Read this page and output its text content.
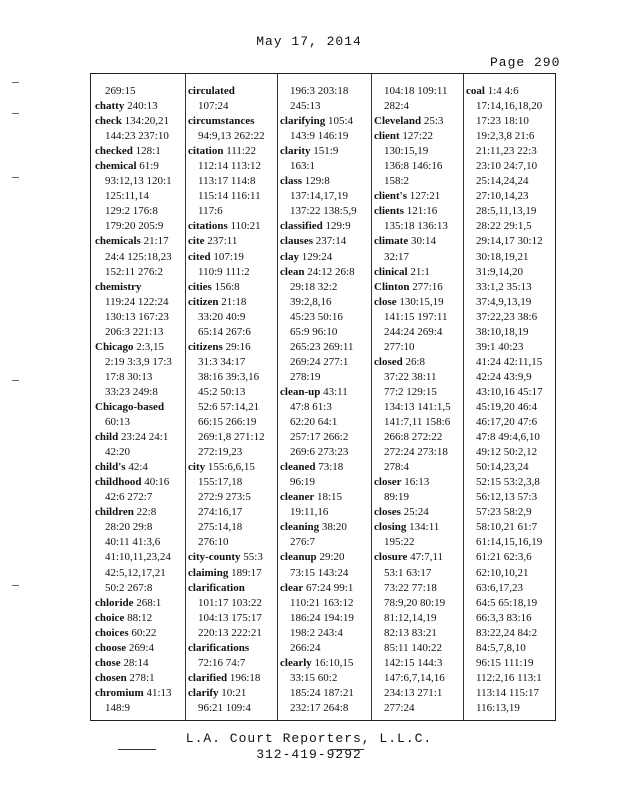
May 17, 2014
Page 290
269:15
chatty 240:13
check 134:20,21
144:23 237:10
checked 128:1
chemical 61:9
93:12,13 120:1
125:11,14
129:2 176:8
179:20 205:9
chemicals 21:17
24:4 125:18,23
152:11 276:2
chemistry
119:24 122:24
130:13 167:23
206:3 221:13
Chicago 2:3,15
2:19 3:3,9 17:3
17:8 30:13
33:23 249:8
Chicago-based
60:13
child 23:24 24:1
42:20
child's 42:4
childhood 40:16
42:6 272:7
children 22:8
28:20 29:8
40:11 41:3,6
41:10,11,23,24
42:5,12,17,21
50:2 267:8
chloride 268:1
choice 88:12
choices 60:22
choose 269:4
chose 28:14
chosen 278:1
chromium 41:13
148:9
circulated
107:24
circumstances
94:9,13 262:22
citation 111:22
112:14 113:12
113:17 114:8
115:14 116:11
117:6
citations 110:21
cite 237:11
cited 107:19
110:9 111:2
cities 156:8
citizen 21:18
33:20 40:9
65:14 267:6
citizens 29:16
31:3 34:17
38:16 39:3,16
45:2 50:13
52:6 57:14,21
66:15 266:19
269:1,8 271:12
272:19,23
city 155:6,6,15
155:17,18
272:9 273:5
274:16,17
275:14,18
276:10
city-county 55:3
claiming 189:17
clarification
101:17 103:22
104:13 175:17
220:13 222:21
clarifications
72:16 74:7
clarified 196:18
clarify 10:21
96:21 109:4
196:3 203:18
245:13
clarifying 105:4
143:9 146:19
clarity 151:9
163:1
class 129:8
137:14,17,19
137:22 138:5,9
classified 129:9
clauses 237:14
clay 129:24
clean 24:12 26:8
29:18 32:2
39:2,8,16
45:23 50:16
65:9 96:10
265:23 269:11
269:24 277:1
278:19
clean-up 43:11
47:8 61:3
62:20 64:1
257:17 266:2
269:6 273:23
cleaned 73:18
96:19
cleaner 18:15
19:11,16
cleaning 38:20
276:7
cleanup 29:20
73:15 143:24
clear 67:24 99:1
110:21 163:12
186:24 194:19
198:2 243:4
266:24
clearly 16:10,15
33:15 60:2
185:24 187:21
232:17 264:8
104:18 109:11
282:4
Cleveland 25:3
client 127:22
130:15,19
136:8 146:16
158:2
client's 127:21
clients 121:16
135:18 136:13
climate 30:14
32:17
clinical 21:1
Clinton 277:16
close 130:15,19
141:15 197:11
244:24 269:4
277:10
closed 26:8
37:22 38:11
77:2 129:15
134:13 141:1,5
141:7,11 158:6
266:8 272:22
272:24 273:18
278:4
closer 16:13
89:19
closes 25:24
closing 134:11
195:22
closure 47:7,11
53:1 63:17
73:22 77:18
78:9,20 80:19
81:12,14,19
82:13 83:21
85:11 140:22
142:15 144:3
147:6,7,14,16
234:13 271:1
277:24
coal 1:4 4:6
17:14,16,18,20
17:23 18:10
19:2,3,8 21:6
21:11,23 22:3
23:10 24:7,10
25:14,24,24
27:10,14,23
28:5,11,13,19
28:22 29:1,5
29:14,17 30:12
30:18,19,21
31:9,14,20
33:1,2 35:13
37:4,9,13,19
37:22,23 38:6
38:10,18,19
39:1 40:23
41:24 42:11,15
42:24 43:9,9
43:10,16 45:17
45:19,20 46:4
46:17,20 47:6
47:8 49:4,6,10
49:12 50:2,12
50:14,23,24
52:15 53:2,3,8
56:12,13 57:3
57:23 58:2,9
58:10,21 61:7
61:14,15,16,19
61:21 62:3,6
62:10,10,21
63:6,17,23
64:5 65:18,19
66:3,3 83:16
83:22,24 84:2
84:5,7,8,10
96:15 111:19
112:2,16 113:1
113:14 115:17
116:13,19
L.A. Court Reporters, L.L.C.
312-419-9292
